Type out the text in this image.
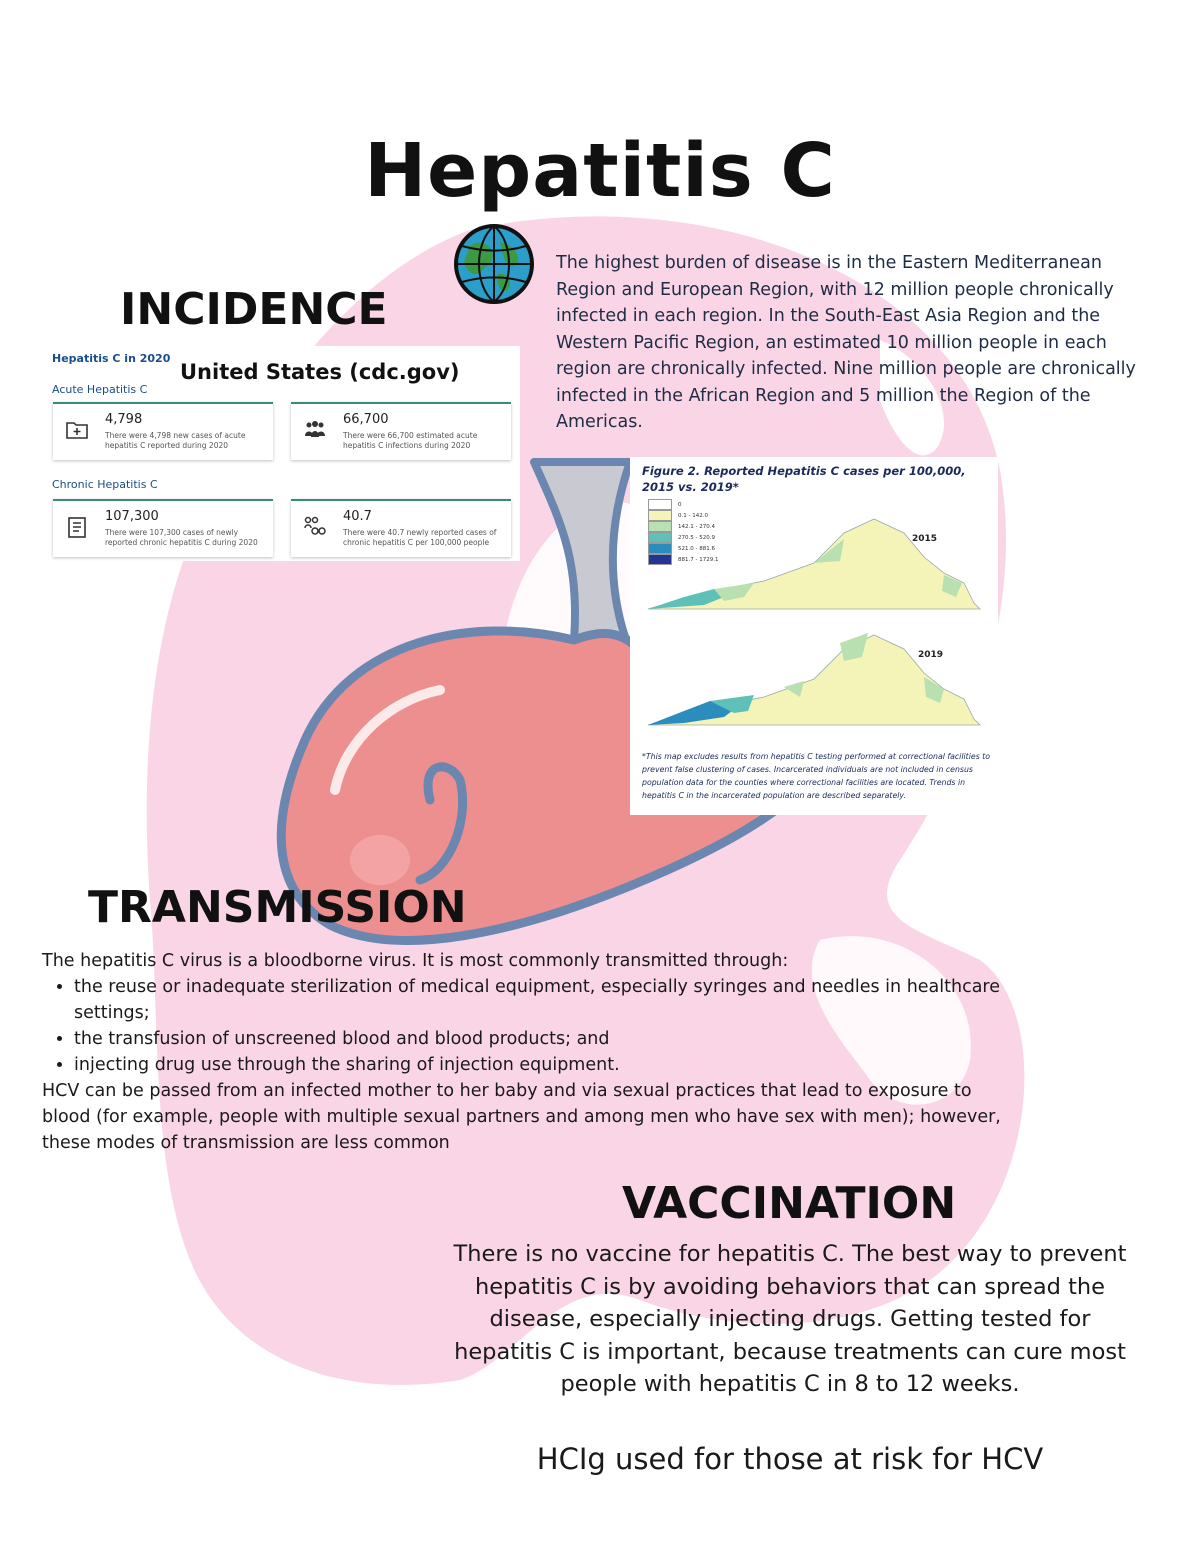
Hepatitis C
INCIDENCE
The highest burden of disease is in the Eastern Mediterranean Region and European Region, with 12 million people chronically infected in each region. In the South-East Asia Region and the Western Pacific Region, an estimated 10 million people in each region are chronically infected. Nine million people are chronically infected in the African Region and 5 million the Region of the Americas.
Hepatitis C in 2020
United States (cdc.gov)
Acute Hepatitis C
4,798
There were 4,798 new cases of acute hepatitis C reported during 2020
66,700
There were 66,700 estimated acute hepatitis C infections during 2020
Chronic Hepatitis C
107,300
There were 107,300 cases of newly reported chronic hepatitis C during 2020
40.7
There were 40.7 newly reported cases of chronic hepatitis C per 100,000 people
Figure 2. Reported Hepatitis C cases per 100,000,
2015 vs. 2019*
0
0.1 - 142.0
142.1 - 270.4
270.5 - 520.9
521.0 - 881.6
881.7 - 1729.1
2015
2019
*This map excludes results from hepatitis C testing performed at correctional facilities to prevent false clustering of cases. Incarcerated individuals are not included in census population data for the counties where correctional facilities are located. Trends in hepatitis C in the incarcerated population are described separately.
TRANSMISSION
The hepatitis C virus is a bloodborne virus. It is most commonly transmitted through:
• the reuse or inadequate sterilization of medical equipment, especially syringes and needles in healthcare settings;
• the transfusion of unscreened blood and blood products; and
• injecting drug use through the sharing of injection equipment.
HCV can be passed from an infected mother to her baby and via sexual practices that lead to exposure to blood (for example, people with multiple sexual partners and among men who have sex with men); however, these modes of transmission are less common
VACCINATION
There is no vaccine for hepatitis C. The best way to prevent hepatitis C is by avoiding behaviors that can spread the disease, especially injecting drugs. Getting tested for hepatitis C is important, because treatments can cure most people with hepatitis C in 8 to 12 weeks.
HCIg used for those at risk for HCV
